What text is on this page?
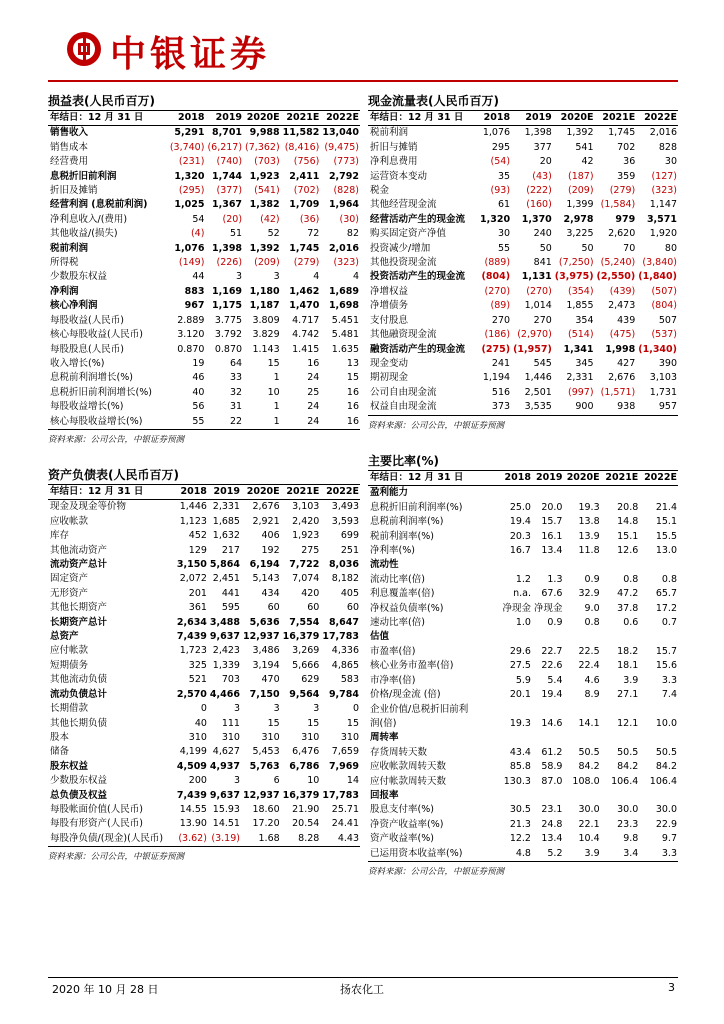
中银证券
损益表(人民币百万)
年结日：12 月 31 日	2018	2019	2020E	2021E	2022E
销售收入	5,291	8,701	9,988	11,582	13,040
销售成本	(3,740)	(6,217)	(7,362)	(8,416)	(9,475)
经营费用	(231)	(740)	(703)	(756)	(773)
息税折旧前利润	1,320	1,744	1,923	2,411	2,792
折旧及摊销	(295)	(377)	(541)	(702)	(828)
经营利润 (息税前利润)	1,025	1,367	1,382	1,709	1,964
净利息收入/(费用)	54	(20)	(42)	(36)	(30)
其他收益/(损失)	(4)	51	52	72	82
税前利润	1,076	1,398	1,392	1,745	2,016
所得税	(149)	(226)	(209)	(279)	(323)
少数股东权益	44	3	3	4	4
净利润	883	1,169	1,180	1,462	1,689
核心净利润	967	1,175	1,187	1,470	1,698
每股收益(人民币)	2.889	3.775	3.809	4.717	5.451
核心每股收益(人民币)	3.120	3.792	3.829	4.742	5.481
每股股息(人民币)	0.870	0.870	1.143	1.415	1.635
收入增长(%)	19	64	15	16	13
息税前利润增长(%)	46	33	1	24	15
息税折旧前利润增长(%)	40	32	10	25	16
每股收益增长(%)	56	31	1	24	16
核心每股收益增长(%)	55	22	1	24	16
资料来源：公司公告，中银证券预测
资产负债表(人民币百万)
年结日：12 月 31 日	2018	2019	2020E	2021E	2022E
现金及现金等价物	1,446	2,331	2,676	3,103	3,493
应收帐款	1,123	1,685	2,921	2,420	3,593
库存	452	1,632	406	1,923	699
其他流动资产	129	217	192	275	251
流动资产总计	3,150	5,864	6,194	7,722	8,036
固定资产	2,072	2,451	5,143	7,074	8,182
无形资产	201	441	434	420	405
其他长期资产	361	595	60	60	60
长期资产总计	2,634	3,488	5,636	7,554	8,647
总资产	7,439	9,637	12,937	16,379	17,783
应付帐款	1,723	2,423	3,486	3,269	4,336
短期债务	325	1,339	3,194	5,666	4,865
其他流动负债	521	703	470	629	583
流动负债总计	2,570	4,466	7,150	9,564	9,784
长期借款	0	3	3	3	0
其他长期负债	40	111	15	15	15
股本	310	310	310	310	310
储备	4,199	4,627	5,453	6,476	7,659
股东权益	4,509	4,937	5,763	6,786	7,969
少数股东权益	200	3	6	10	14
总负债及权益	7,439	9,637	12,937	16,379	17,783
每股帐面价值(人民币)	14.55	15.93	18.60	21.90	25.71
每股有形资产(人民币)	13.90	14.51	17.20	20.54	24.41
每股净负债/(现金)(人民币)	(3.62)	(3.19)	1.68	8.28	4.43
资料来源：公司公告，中银证券预测
现金流量表(人民币百万)
年结日：12 月 31 日	2018	2019	2020E	2021E	2022E
税前利润	1,076	1,398	1,392	1,745	2,016
折旧与摊销	295	377	541	702	828
净利息费用	(54)	20	42	36	30
运营资本变动	35	(43)	(187)	359	(127)
税金	(93)	(222)	(209)	(279)	(323)
其他经营现金流	61	(160)	1,399	(1,584)	1,147
经营活动产生的现金流	1,320	1,370	2,978	979	3,571
购买固定资产净值	30	240	3,225	2,620	1,920
投资减少/增加	55	50	50	70	80
其他投资现金流	(889)	841	(7,250)	(5,240)	(3,840)
投资活动产生的现金流	(804)	1,131	(3,975)	(2,550)	(1,840)
净增权益	(270)	(270)	(354)	(439)	(507)
净增债务	(89)	1,014	1,855	2,473	(804)
支付股息	270	270	354	439	507
其他融资现金流	(186)	(2,970)	(514)	(475)	(537)
融资活动产生的现金流	(275)	(1,957)	1,341	1,998	(1,340)
现金变动	241	545	345	427	390
期初现金	1,194	1,446	2,331	2,676	3,103
公司自由现金流	516	2,501	(997)	(1,571)	1,731
权益自由现金流	373	3,535	900	938	957
资料来源：公司公告，中银证券预测
主要比率(%)
年结日：12 月 31 日	2018	2019	2020E	2021E	2022E
盈利能力					
息税折旧前利润率(%)	25.0	20.0	19.3	20.8	21.4
息税前利润率(%)	19.4	15.7	13.8	14.8	15.1
税前利润率(%)	20.3	16.1	13.9	15.1	15.5
净利率(%)	16.7	13.4	11.8	12.6	13.0
流动性					
流动比率(倍)	1.2	1.3	0.9	0.8	0.8
利息覆盖率(倍)	n.a.	67.6	32.9	47.2	65.7
净权益负债率(%)	净现金	净现金	9.0	37.8	17.2
速动比率(倍)	1.0	0.9	0.8	0.6	0.7
估值					
市盈率(倍)	29.6	22.7	22.5	18.2	15.7
核心业务市盈率(倍)	27.5	22.6	22.4	18.1	15.6
市净率(倍)	5.9	5.4	4.6	3.9	3.3
价格/现金流 (倍)	20.1	19.4	8.9	27.1	7.4
企业价值/息税折旧前利					
润(倍)	19.3	14.6	14.1	12.1	10.0
周转率					
存货周转天数	43.4	61.2	50.5	50.5	50.5
应收帐款周转天数	85.8	58.9	84.2	84.2	84.2
应付帐款周转天数	130.3	87.0	108.0	106.4	106.4
回报率					
股息支付率(%)	30.5	23.1	30.0	30.0	30.0
净资产收益率(%)	21.3	24.8	22.1	23.3	22.9
资产收益率(%)	12.2	13.4	10.4	9.8	9.7
已运用资本收益率(%)	4.8	5.2	3.9	3.4	3.3
资料来源：公司公告，中银证券预测
2020 年 10 月 28 日	扬农化工	3
